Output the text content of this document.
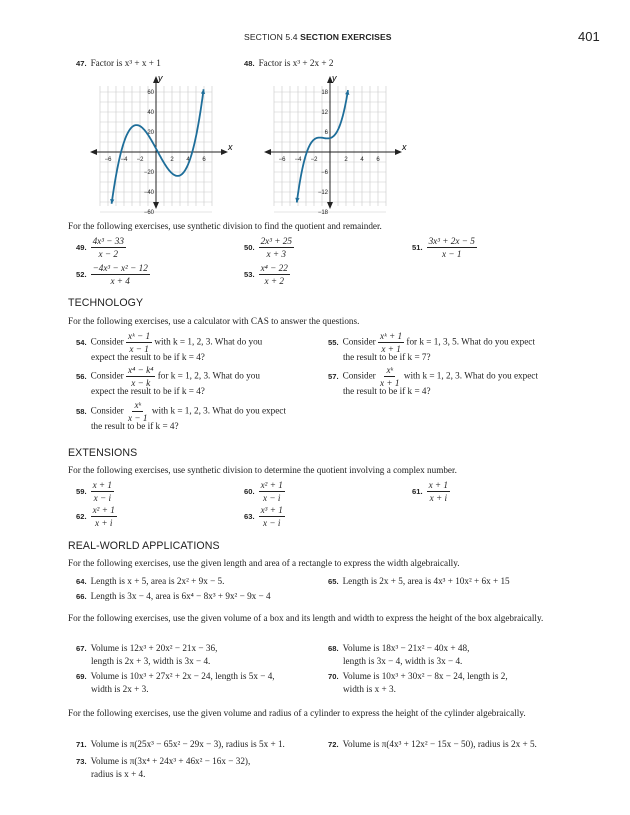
SECTION 5.4 SECTION EXERCISES	401
47. Factor is x³ + x + 1	48. Factor is x³ + 2x + 2
x
y
−6 −4 −2	2 4 6
60
40
20
−20
−40
−60
x
y
−6 −4 −2	2 4 6
18
12
6
−6
−12
−18
For the following exercises, use synthetic division to find the quotient and remainder.
49. $\frac{\text{4x³ − 33}}{x - 2}$	50. $\frac{\text{2x³ + 25}}{x + 3}$	51. $\frac{\text{3x³ + 2x − 5}}{x - 1}$
52. $\frac{\text{−4x³ − x² − 12}}{x + 4}$	53. $\frac{\text{x⁴ − 22}}{x + 2}$
TECHNOLOGY
For the following exercises, use a calculator with CAS to answer the questions.
54. Consider $\frac{\text{xᵏ − 1}}{x - 1}$ with k = 1, 2, 3. What do you
expect the result to be if k = 4?
55. Consider $\frac{\text{xᵏ + 1}}{x + 1}$ for k = 1, 3, 5. What do you expect
the result to be if k = 7?
56. Consider $\frac{\text{x⁴ − k⁴}}{x - k}$ for k = 1, 2, 3. What do you
expect the result to be if k = 4?
57. Consider $\frac{\text{xᵏ}}{x + 1}$ with k = 1, 2, 3. What do you expect
the result to be if k = 4?
58. Consider $\frac{\text{xᵏ}}{x - 1}$ with k = 1, 2, 3. What do you expect
the result to be if k = 4?
EXTENSIONS
For the following exercises, use synthetic division to determine the quotient involving a complex number.
59. $\frac{x + 1}{x - i}$	60. $\frac{\text{x² + 1}}{x - i}$	61. $\frac{x + 1}{x + i}$
62. $\frac{\text{x² + 1}}{x + i}$	63. $\frac{\text{x³ + 1}}{x - i}$
REAL-WORLD APPLICATIONS
For the following exercises, use the given length and area of a rectangle to express the width algebraically.
64. Length is x + 5, area is 2x² + 9x − 5.	65. Length is 2x + 5, area is 4x³ + 10x² + 6x + 15
66. Length is 3x − 4, area is 6x⁴ − 8x³ + 9x² − 9x − 4
For the following exercises, use the given volume of a box and its length and width to express the height of the box algebraically.
67. Volume is 12x³ + 20x² − 21x − 36,
length is 2x + 3, width is 3x − 4.
68. Volume is 18x³ − 21x² − 40x + 48,
length is 3x − 4, width is 3x − 4.
69. Volume is 10x³ + 27x² + 2x − 24, length is 5x − 4,
width is 2x + 3.
70. Volume is 10x³ + 30x² − 8x − 24, length is 2,
width is x + 3.
For the following exercises, use the given volume and radius of a cylinder to express the height of the cylinder algebraically.
71. Volume is π(25x³ − 65x² − 29x − 3), radius is 5x + 1.	72. Volume is π(4x³ + 12x² − 15x − 50), radius is 2x + 5.
73. Volume is π(3x⁴ + 24x³ + 46x² − 16x − 32),
radius is x + 4.
